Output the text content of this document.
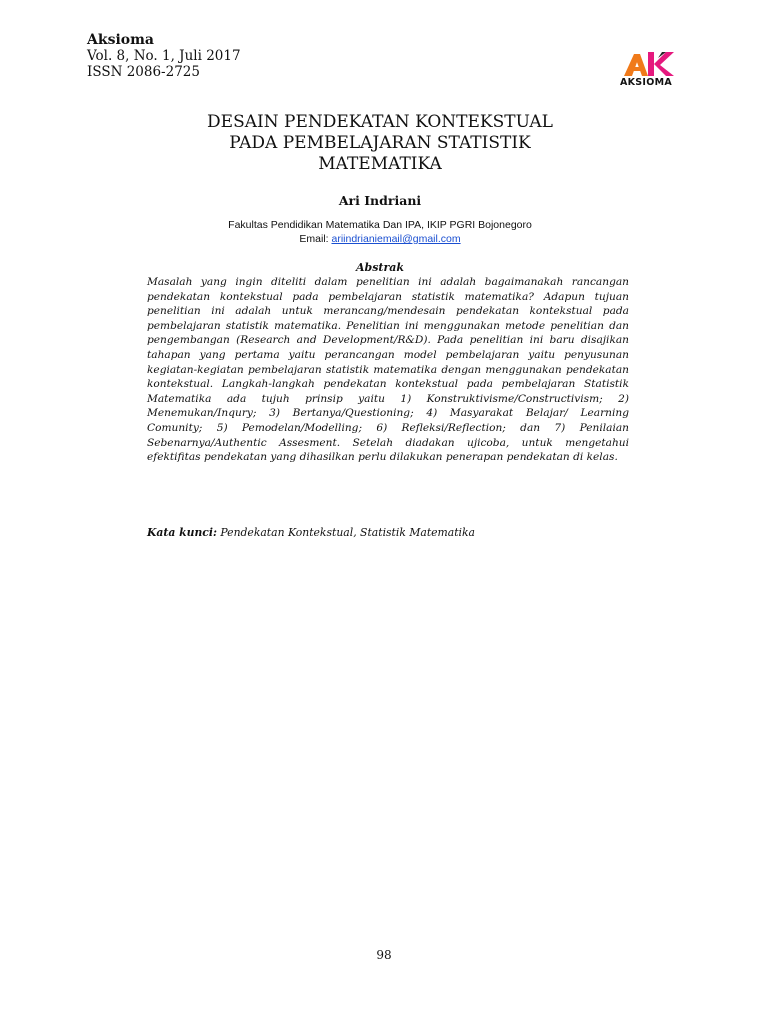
Aksioma
Vol. 8, No. 1, Juli 2017
ISSN 2086-2725
AKSIOMA
DESAIN PENDEKATAN KONTEKSTUAL
PADA PEMBELAJARAN STATISTIK
MATEMATIKA
Ari Indriani
Fakultas Pendidikan Matematika Dan IPA, IKIP PGRI Bojonegoro
Email: ariindrianiemail@gmail.com
Abstrak
Masalah yang ingin diteliti dalam penelitian ini adalah bagaimanakah rancangan pendekatan kontekstual pada pembelajaran statistik matematika? Adapun tujuan penelitian ini adalah untuk merancang/mendesain pendekatan kontekstual pada pembelajaran statistik matematika. Penelitian ini menggunakan metode penelitian dan pengembangan (Research and Development/R&D). Pada penelitian ini baru disajikan tahapan yang pertama yaitu perancangan model pembelajaran yaitu penyusunan kegiatan-kegiatan pembelajaran statistik matematika dengan menggunakan pendekatan kontekstual. Langkah-langkah pendekatan kontekstual pada pembelajaran Statistik Matematika ada tujuh prinsip yaitu 1) Konstruktivisme/Constructivism; 2) Menemukan/Inqury; 3) Bertanya/Questioning; 4) Masyarakat Belajar/ Learning Comunity; 5) Pemodelan/Modelling; 6) Refleksi/Reflection; dan 7) Penilaian Sebenarnya/Authentic Assesment. Setelah diadakan ujicoba, untuk mengetahui efektifitas pendekatan yang dihasilkan perlu dilakukan penerapan pendekatan di kelas.
Kata kunci: Pendekatan Kontekstual, Statistik Matematika
98
